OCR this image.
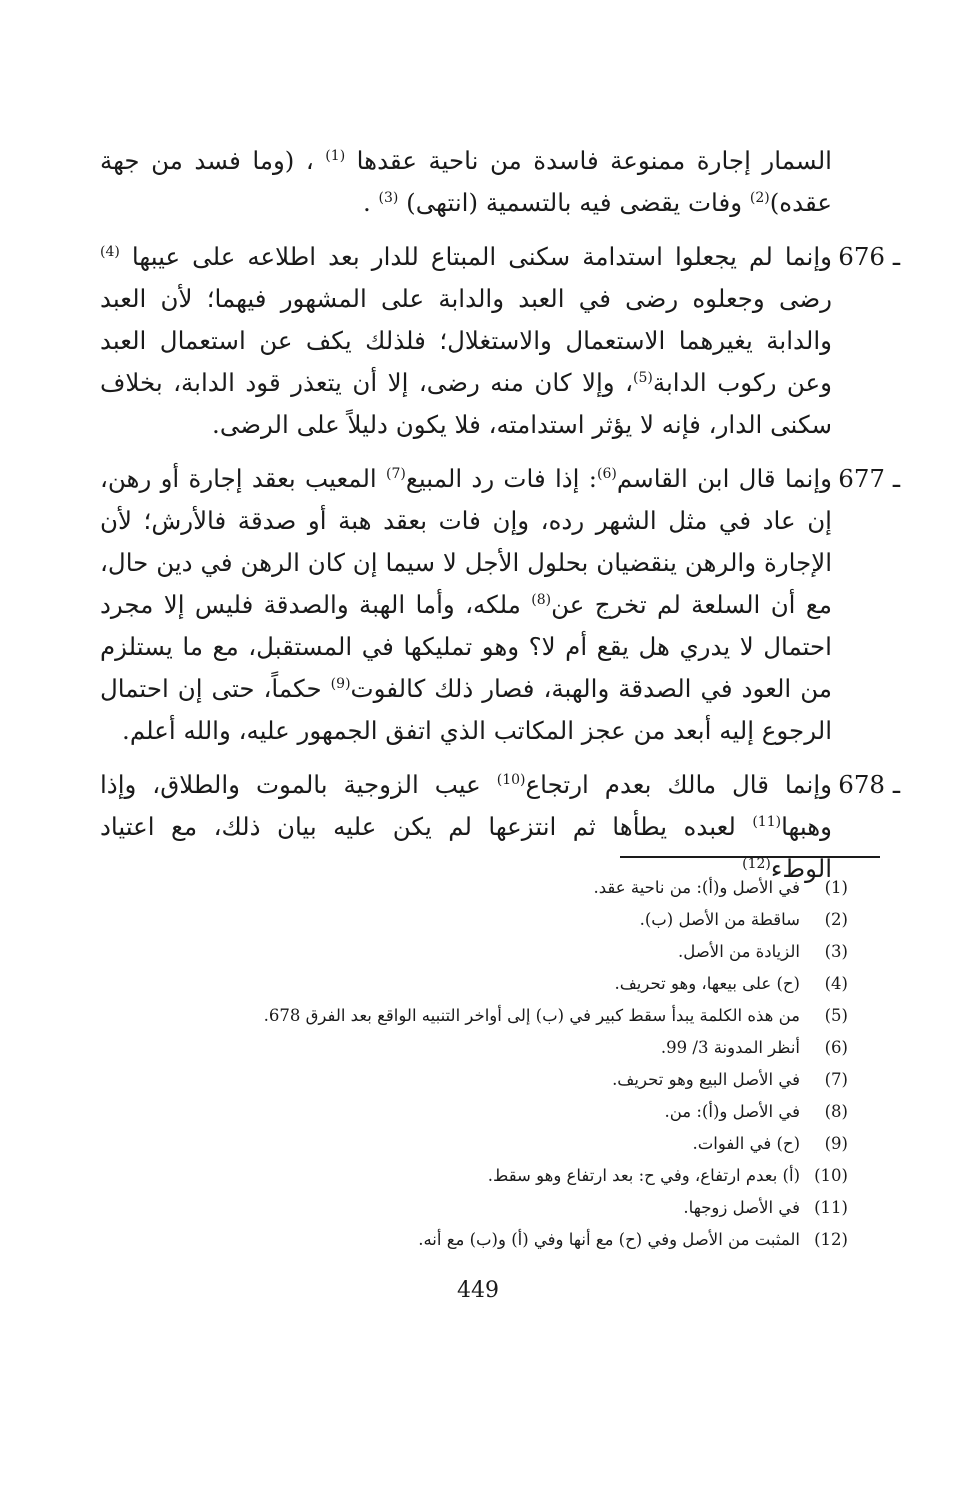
السمار إجارة ممنوعة فاسدة من ناحية عقدها $^{(1)}$ ، (وما فسد من جهة عقده)$^{(2)}$ وفات يقضى فيه بالتسمية (انتهى) $^{(3)}$ .

676 ـ
وإنما لم يجعلوا استدامة سكنى المبتاع للدار بعد اطلاعه على عيبها $^{(4)}$ رضى وجعلوه رضى في العبد والدابة على المشهور فيهما؛ لأن العبد والدابة يغيرهما الاستعمال والاستغلال؛ فلذلك يكف عن استعمال العبد وعن ركوب الدابة$^{(5)}$، وإلا كان منه رضى، إلا أن يتعذر قود الدابة، بخلاف سكنى الدار، فإنه لا يؤثر استدامته، فلا يكون دليلاً على الرضى.

677 ـ
وإنما قال ابن القاسم$^{(6)}$: إذا فات رد المبيع$^{(7)}$ المعيب بعقد إجارة أو رهن، إن عاد في مثل الشهر رده، وإن فات بعقد هبة أو صدقة فالأرش؛ لأن الإجارة والرهن ينقضيان بحلول الأجل لا سيما إن كان الرهن في دين حال، مع أن السلعة لم تخرج عن$^{(8)}$ ملكه، وأما الهبة والصدقة فليس إلا مجرد احتمال لا يدري هل يقع أم لا؟ وهو تمليكها في المستقبل، مع ما يستلزم من العود في الصدقة والهبة، فصار ذلك كالفوت$^{(9)}$ حكماً، حتى إن احتمال الرجوع إليه أبعد من عجز المكاتب الذي اتفق الجمهور عليه، والله أعلم.

678 ـ
وإنما قال مالك بعدم ارتجاع$^{(10)}$ عيب الزوجية بالموت والطلاق، وإذا وهبها$^{(11)}$ لعبده يطأها ثم انتزعها لم يكن عليه بيان ذلك، مع اعتياد الوطء$^{(12)}$

(1)
في الأصل و(أ): من ناحية عقد.
(2)
ساقطة من الأصل (ب).
(3)
الزيادة من الأصل.
(4)
(ح) على بيعها، وهو تحريف.
(5)
من هذه الكلمة يبدأ سقط كبير في (ب) إلى أواخر التنبيه الواقع بعد الفرق 678.
(6)
أنظر المدونة 3/ 99.
(7)
في الأصل البيع وهو تحريف.
(8)
في الأصل و(أ): من.
(9)
(ح) في الفوات.
(10)
(أ) بعدم ارتفاع، وفي ح: بعد ارتفاع وهو سقط.
(11)
في الأصل زوجها.
(12)
المثبت من الأصل وفي (ح) مع أنها وفي (أ) و(ب) مع أنه.
449
